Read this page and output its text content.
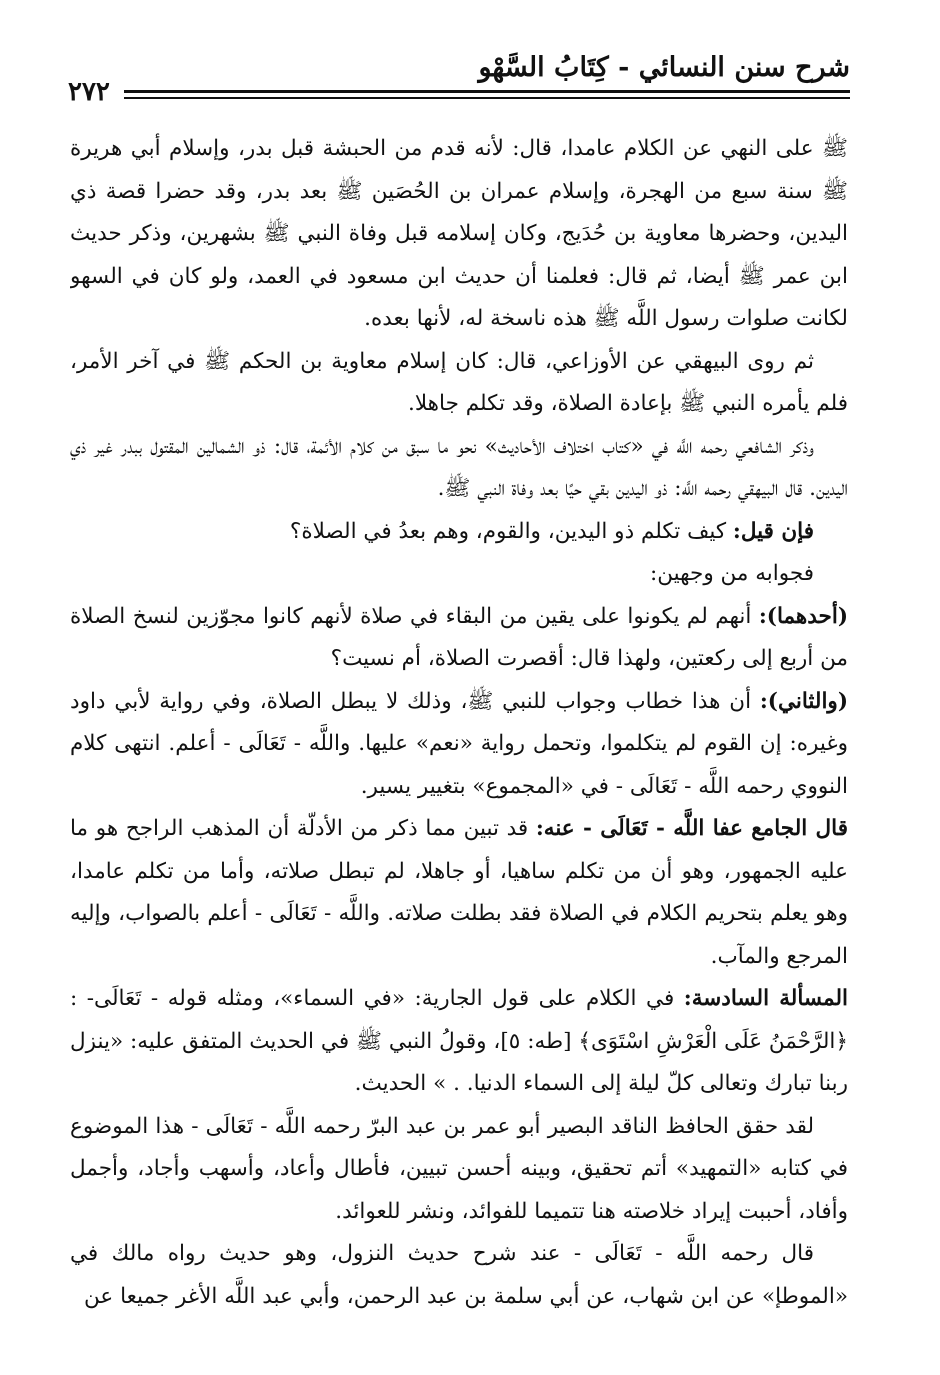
شرح سنن النسائي - كِتَابُ السَّهْو
٢٧٢

ﷺ على النهي عن الكلام عامدا، قال: لأنه قدم من الحبشة قبل بدر، وإسلام أبي هريرة ﷺ سنة سبع من الهجرة، وإسلام عمران بن الحُصَين ﷺ بعد بدر، وقد حضرا قصة ذي اليدين، وحضرها معاوية بن حُدَيج، وكان إسلامه قبل وفاة النبي ﷺ بشهرين، وذكر حديث ابن عمر ﷺ أيضا، ثم قال: فعلمنا أن حديث ابن مسعود في العمد، ولو كان في السهو لكانت صلوات رسول اللَّه ﷺ هذه ناسخة له، لأنها بعده.

ثم روى البيهقي عن الأوزاعي، قال: كان إسلام معاوية بن الحكم ﷺ في آخر الأمر، فلم يأمره النبي ﷺ بإعادة الصلاة، وقد تكلم جاهلا.

وذكر الشافعي رحمه اللَّه في «كتاب اختلاف الأحاديث» نحو ما سبق من كلام الأئمة، قال: ذو الشمالين المقتول ببدر غير ذي اليدين. قال البيهقي رحمه اللَّه: ذو اليدين بقي حيًا بعد وفاة النبي ﷺ.

فإن قيل: كيف تكلم ذو اليدين، والقوم، وهم بعدُ في الصلاة؟

فجوابه من وجهين:

(أحدهما): أنهم لم يكونوا على يقين من البقاء في صلاة لأنهم كانوا مجوّزين لنسخ الصلاة من أربع إلى ركعتين، ولهذا قال: أقصرت الصلاة، أم نسيت؟

(والثاني): أن هذا خطاب وجواب للنبي ﷺ، وذلك لا يبطل الصلاة، وفي رواية لأبي داود وغيره: إن القوم لم يتكلموا، وتحمل رواية «نعم» عليها. واللَّه - تَعَالَى - أعلم. انتهى كلام النووي رحمه اللَّه - تَعَالَى - في «المجموع» بتغيير يسير.

قال الجامع عفا اللَّه - تَعَالَى - عنه: قد تبين مما ذكر من الأدلّة أن المذهب الراجح هو ما عليه الجمهور، وهو أن من تكلم ساهيا، أو جاهلا، لم تبطل صلاته، وأما من تكلم عامدا، وهو يعلم بتحريم الكلام في الصلاة فقد بطلت صلاته. واللَّه - تَعَالَى - أعلم بالصواب، وإليه المرجع والمآب.

المسألة السادسة: في الكلام على قول الجارية: «في السماء»، ومثله قوله - تَعَالَى- : ﴿الرَّحْمَنُ عَلَى الْعَرْشِ اسْتَوَى﴾ [طه: ٥]، وقولُ النبي ﷺ في الحديث المتفق عليه: «ينزل ربنا تبارك وتعالى كلّ ليلة إلى السماء الدنيا. . » الحديث.

لقد حقق الحافظ الناقد البصير أبو عمر بن عبد البرّ رحمه اللَّه - تَعَالَى - هذا الموضوع في كتابه «التمهيد» أتم تحقيق، وبينه أحسن تبيين، فأطال وأعاد، وأسهب وأجاد، وأجمل وأفاد، أحببت إيراد خلاصته هنا تتميما للفوائد، ونشر للعوائد.

قال رحمه اللَّه - تَعَالَى - عند شرح حديث النزول، وهو حديث رواه مالك في «الموطإ» عن ابن شهاب، عن أبي سلمة بن عبد الرحمن، وأبي عبد اللَّه الأغر جميعا عن
